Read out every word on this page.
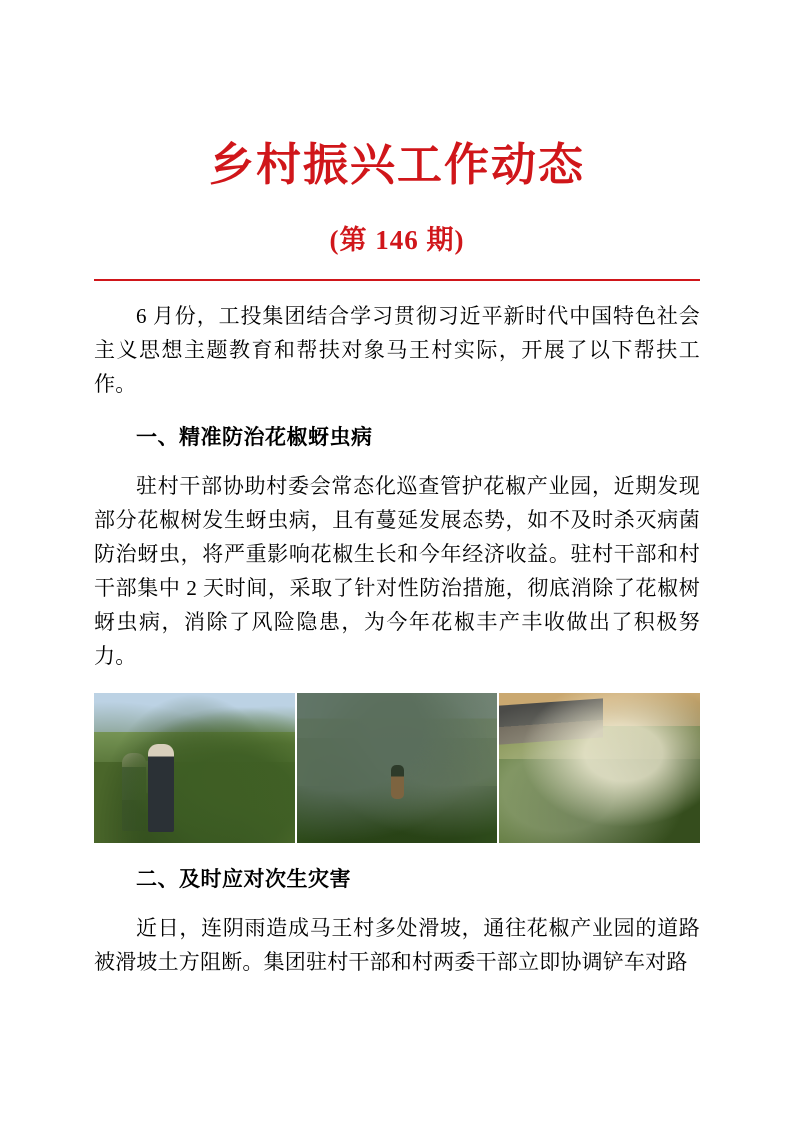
乡村振兴工作动态
(第 146 期)

6 月份，工投集团结合学习贯彻习近平新时代中国特色社会主义思想主题教育和帮扶对象马王村实际，开展了以下帮扶工作。

一、精准防治花椒蚜虫病

驻村干部协助村委会常态化巡查管护花椒产业园，近期发现部分花椒树发生蚜虫病，且有蔓延发展态势，如不及时杀灭病菌防治蚜虫，将严重影响花椒生长和今年经济收益。驻村干部和村干部集中 2 天时间，采取了针对性防治措施，彻底消除了花椒树蚜虫病，消除了风险隐患，为今年花椒丰产丰收做出了积极努力。

二、及时应对次生灾害

近日，连阴雨造成马王村多处滑坡，通往花椒产业园的道路被滑坡土方阻断。集团驻村干部和村两委干部立即协调铲车对路
